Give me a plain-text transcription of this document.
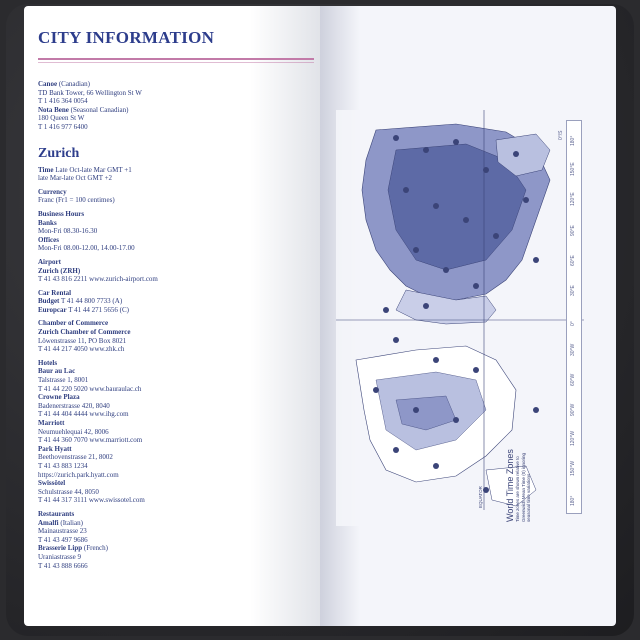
CITY INFORMATION
Canoe (Canadian)
TD Bank Tower, 66 Wellington St W
T 1 416 364 0054
Nota Bene (Seasonal Canadian)
180 Queen St W
T 1 416 977 6400
Zurich
Time Late Oct-late Mar GMT +1
late Mar-late Oct GMT +2
Currency
Franc (Fr1 = 100 centimes)
Business Hours
Banks
Mon-Fri 08.30-16.30
Offices
Mon-Fri 08.00-12.00, 14.00-17.00
Airport
Zurich (ZRH)
T 41 43 816 2211 www.zurich-airport.com
Car Rental
Budget T 41 44 800 7733 (A)
Europcar T 41 44 271 5656 (C)
Chamber of Commerce
Zurich Chamber of Commerce
Löwenstrasse 11, PO Box 8021
T 41 44 217 4050 www.zhk.ch
Hotels
Baur au Lac
Talstrasse 1, 8001
T 41 44 220 5020 www.bauraulac.ch
Crowne Plaza
Badenerstrasse 420, 8040
T 41 44 404 4444 www.ihg.com
Marriott
Neumuehlequai 42, 8006
T 41 44 360 7070 www.marriott.com
Park Hyatt
Beethovenstrasse 21, 8002
T 41 43 883 1234
https://zurich.park.hyatt.com
Swissôtel
Schulstrasse 44, 8050
T 41 44 317 3111 www.swissotel.com
Restaurants
Amalfi (Italian)
Mainaustrasse 23
T 41 43 497 9686
Brasserie Lipp (French)
Uraniastrasse 9
T 41 43 888 6666
180°
150°E
120°E
90°E
60°E
30°E
0°
30°W
60°W
90°W
120°W
150°W
180°
0°/S
EQUATOR World Time Zones Time zones are shown relative to Greenwich Mean Time (0) ignoring seasonal time variations
